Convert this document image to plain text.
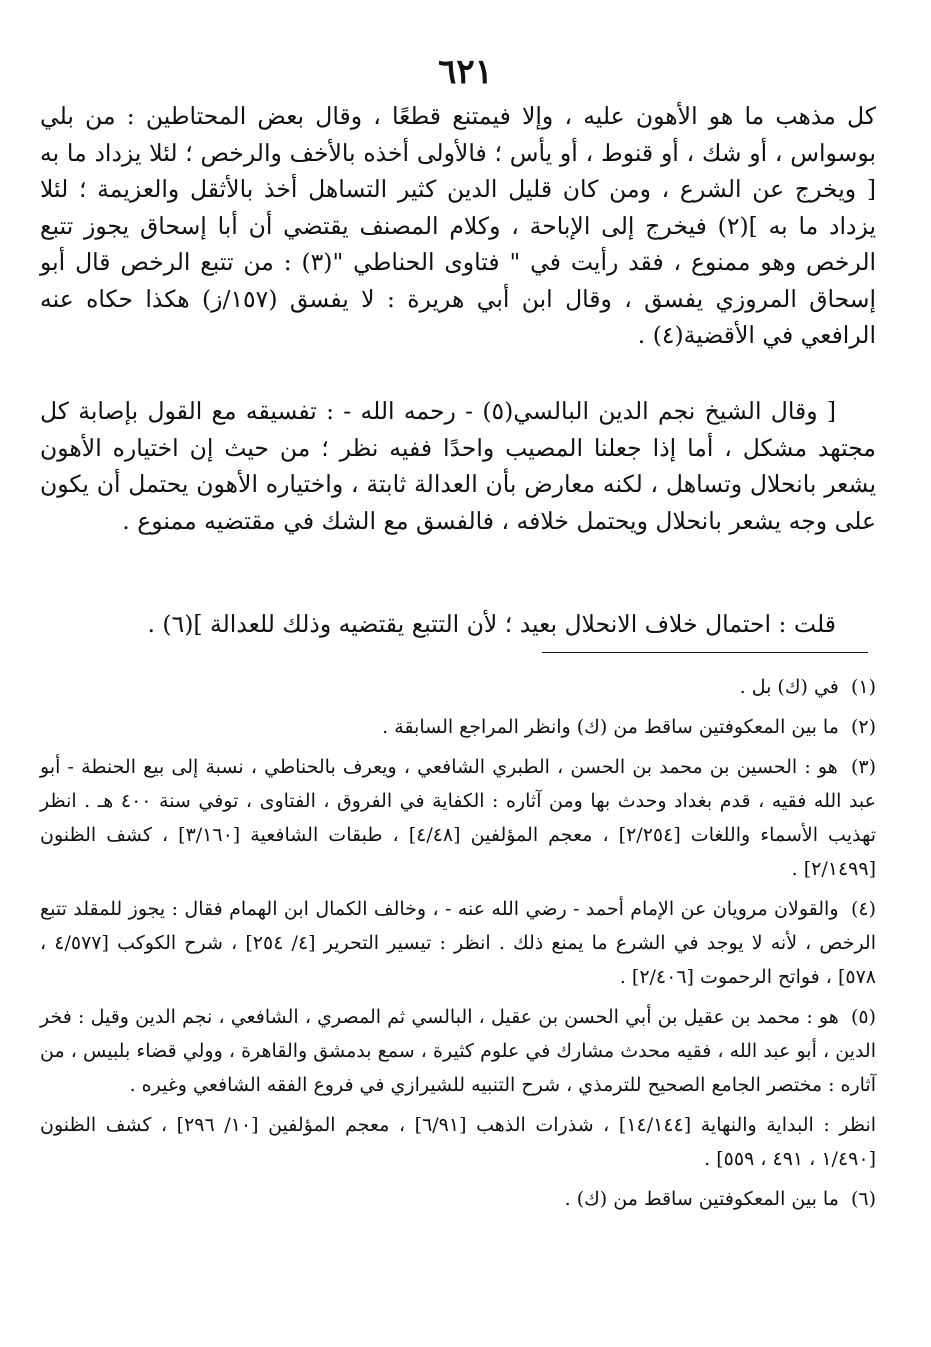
٦٢١
كل مذهب ما هو الأهون عليه ، وإلا فيمتنع قطعًا ، وقال بعض المحتاطين : من بلي بوسواس ، أو شك ، أو قنوط ، أو يأس ؛ فالأولى أخذه بالأخف والرخص ؛ لئلا يزداد ما به [ ويخرج عن الشرع ، ومن كان قليل الدين كثير التساهل أخذ بالأثقل والعزيمة ؛ لئلا يزداد ما به ](٢) فيخرج إلى الإباحة ، وكلام المصنف يقتضي أن أبا إسحاق يجوز تتبع الرخص وهو ممنوع ، فقد رأيت في " فتاوى الحناطي "(٣) : من تتبع الرخص قال أبو إسحاق المروزي يفسق ، وقال ابن أبي هريرة : لا يفسق (١٥٧/ز) هكذا حكاه عنه الرافعي في الأقضية(٤) .
[ وقال الشيخ نجم الدين البالسي(٥) - رحمه الله - : تفسيقه مع القول بإصابة كل مجتهد مشكل ، أما إذا جعلنا المصيب واحدًا ففيه نظر ؛ من حيث إن اختياره الأهون يشعر بانحلال وتساهل ، لكنه معارض بأن العدالة ثابتة ، واختياره الأهون يحتمل أن يكون على وجه يشعر بانحلال ويحتمل خلافه ، فالفسق مع الشك في مقتضيه ممنوع .
قلت : احتمال خلاف الانحلال بعيد ؛ لأن التتبع يقتضيه وذلك للعدالة ](٦) .

(١) في (ك) بل .

(٢) ما بين المعكوفتين ساقط من (ك) وانظر المراجع السابقة .

(٣) هو : الحسين بن محمد بن الحسن ، الطبري الشافعي ، ويعرف بالحناطي ، نسبة إلى بيع الحنطة - أبو عبد الله فقيه ، قدم بغداد وحدث بها ومن آثاره : الكفاية في الفروق ، الفتاوى ، توفي سنة ٤٠٠ هـ . انظر تهذيب الأسماء واللغات [٢/٢٥٤] ، معجم المؤلفين [٤/٤٨] ، طبقات الشافعية [٣/١٦٠] ، كشف الظنون [٢/١٤٩٩] .

(٤) والقولان مرويان عن الإمام أحمد - رضي الله عنه - ، وخالف الكمال ابن الهمام فقال : يجوز للمقلد تتبع الرخص ، لأنه لا يوجد في الشرع ما يمنع ذلك . انظر : تيسير التحرير [٤/ ٢٥٤] ، شرح الكوكب [٤/٥٧٧ ، ٥٧٨] ، فواتح الرحموت [٢/٤٠٦] .

(٥) هو : محمد بن عقيل بن أبي الحسن بن عقيل ، البالسي ثم المصري ، الشافعي ، نجم الدين وقيل : فخر الدين ، أبو عبد الله ، فقيه محدث مشارك في علوم كثيرة ، سمع بدمشق والقاهرة ، وولي قضاء بلبيس ، من آثاره : مختصر الجامع الصحيح للترمذي ، شرح التنبيه للشيرازي في فروع الفقه الشافعي وغيره .

انظر : البداية والنهاية [١٤/١٤٤] ، شذرات الذهب [٦/٩١] ، معجم المؤلفين [١٠/ ٢٩٦] ، كشف الظنون [١/٤٩٠ ، ٤٩١ ، ٥٥٩] .

(٦) ما بين المعكوفتين ساقط من (ك) .
